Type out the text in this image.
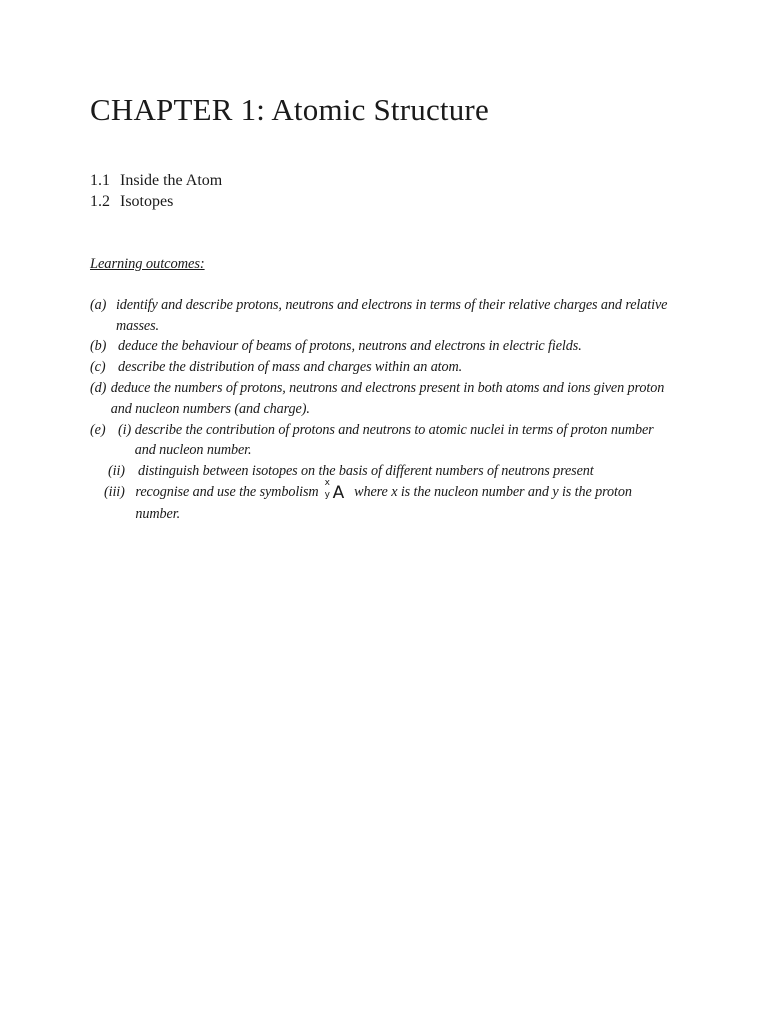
CHAPTER 1: Atomic Structure
1.1 Inside the Atom
1.2 Isotopes
Learning outcomes:
(a) identify and describe protons, neutrons and electrons in terms of their relative charges and relative masses.
(b) deduce the behaviour of beams of protons, neutrons and electrons in electric fields.
(c) describe the distribution of mass and charges within an atom.
(d) deduce the numbers of protons, neutrons and electrons present in both atoms and ions given proton and nucleon numbers (and charge).
(e) (i) describe the contribution of protons and neutrons to atomic nuclei in terms of proton number and nucleon number.
(ii) distinguish between isotopes on the basis of different numbers of neutrons present
(iii) recognise and use the symbolism
x
y A where x is the nucleon number and y is the proton number.
